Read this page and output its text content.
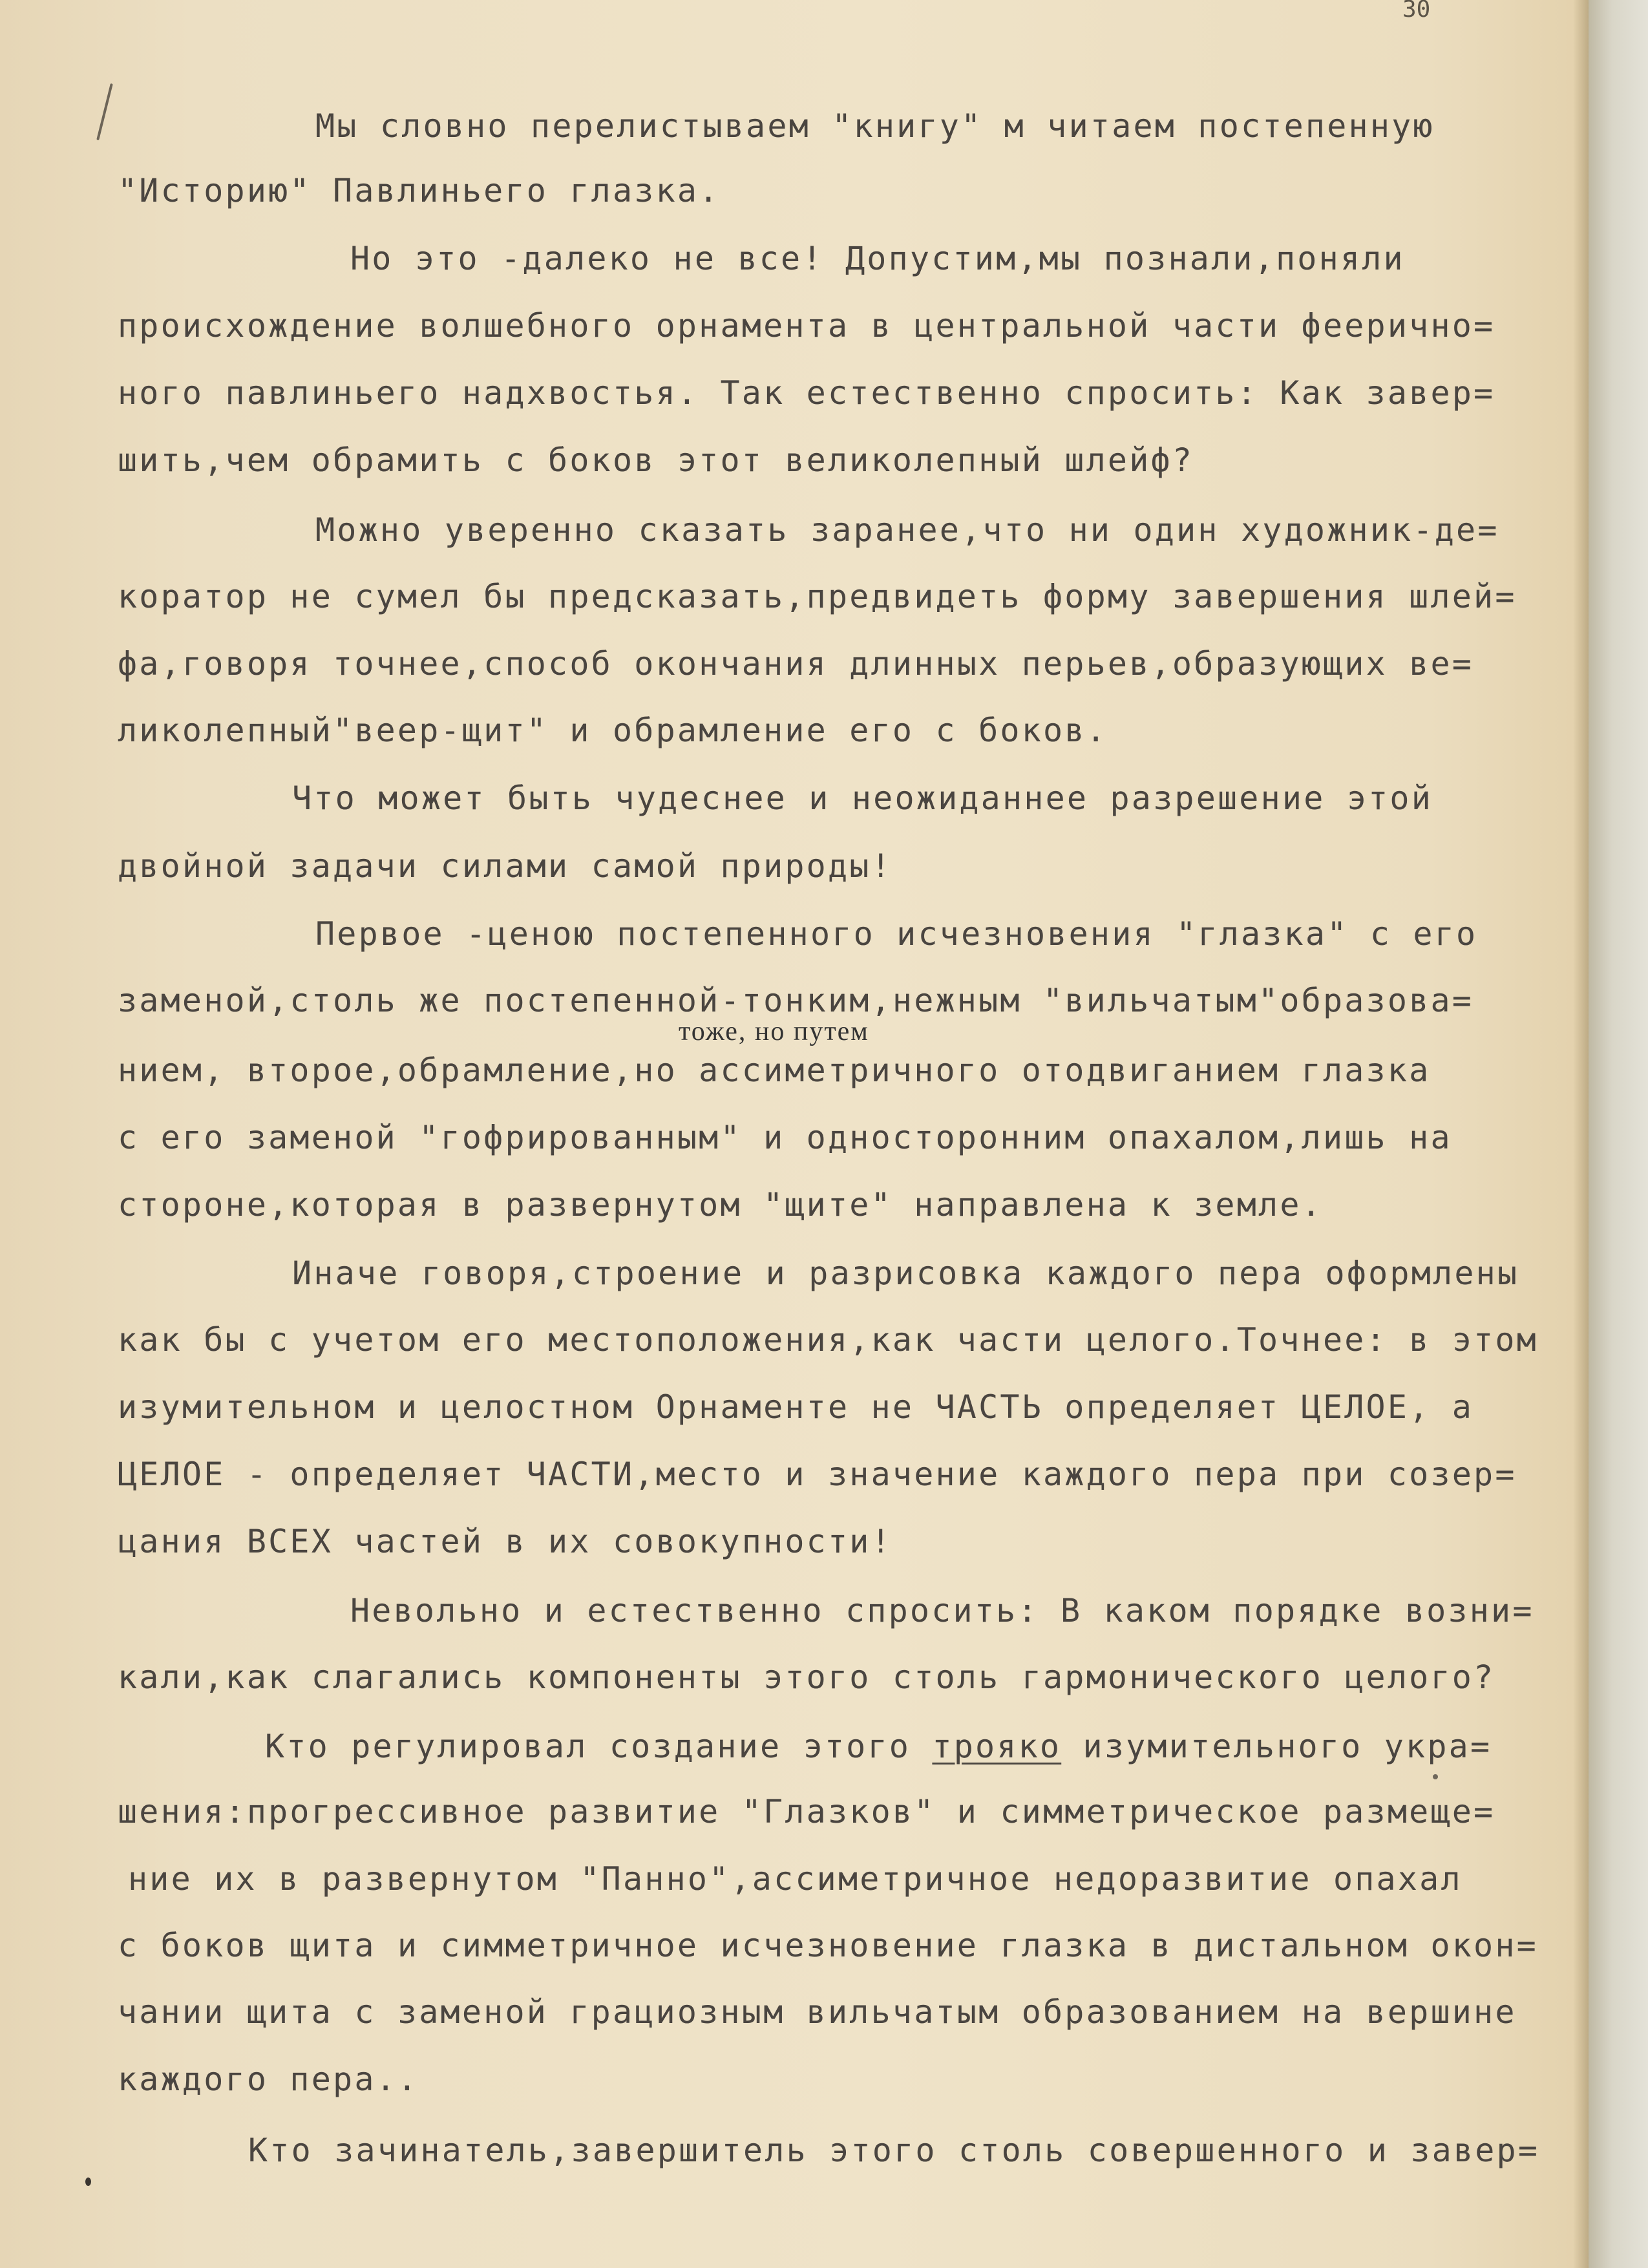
30
Мы словно перелистываем "книгу" м читаем постепенную
"Историю" Павлиньего глазка.
Но это -далеко не все! Допустим,мы познали,поняли
происхождение волшебного орнамента в центральной части феерично=
ного павлиньего надхвостья. Так естественно спросить: Как завер=
шить,чем обрамить с боков этот великолепный шлейф?
Можно уверенно сказать заранее,что ни один художник-де=
коратор не сумел бы предсказать,предвидеть форму завершения шлей=
фа,говоря точнее,способ окончания длинных перьев,образующих ве=
ликолепный"веер-щит" и обрамление его с боков.
Что может быть чудеснее и неожиданнее разрешение этой
двойной задачи силами самой природы!
Первое -ценою постепенного исчезновения "глазка" с его
заменой,столь же постепенной-тонким,нежным "вильчатым"образова=
нием, второе,обрамление,но ассиметричного отодвиганием глазка
с его заменой "гофрированным" и односторонним опахалом,лишь на
стороне,которая в развернутом "щите" направлена к земле.
Иначе говоря,строение и разрисовка каждого пера оформлены
как бы с учетом его местоположения,как части целого.Точнее: в этом
изумительном и целостном Орнаменте не ЧАСТЬ определяет ЦЕЛОЕ, а
ЦЕЛОЕ - определяет ЧАСТИ,место и значение каждого пера при созер=
цания ВСЕХ частей в их совокупности!
Невольно и естественно спросить: В каком порядке возни=
кали,как слагались компоненты этого столь гармонического целого?
Кто регулировал создание этого трояко изумительного укра=
шения:прогрессивное развитие "Глазков" и симметрическое размеще=
ние их в развернутом "Панно",ассиметричное недоразвитие опахал
с боков щита и симметричное исчезновение глазка в дистальном окон=
чании щита с заменой грациозным вильчатым образованием на вершине
каждого пера..
Кто зачинатель,завершитель этого столь совершенного и завер=
тоже, но путем
